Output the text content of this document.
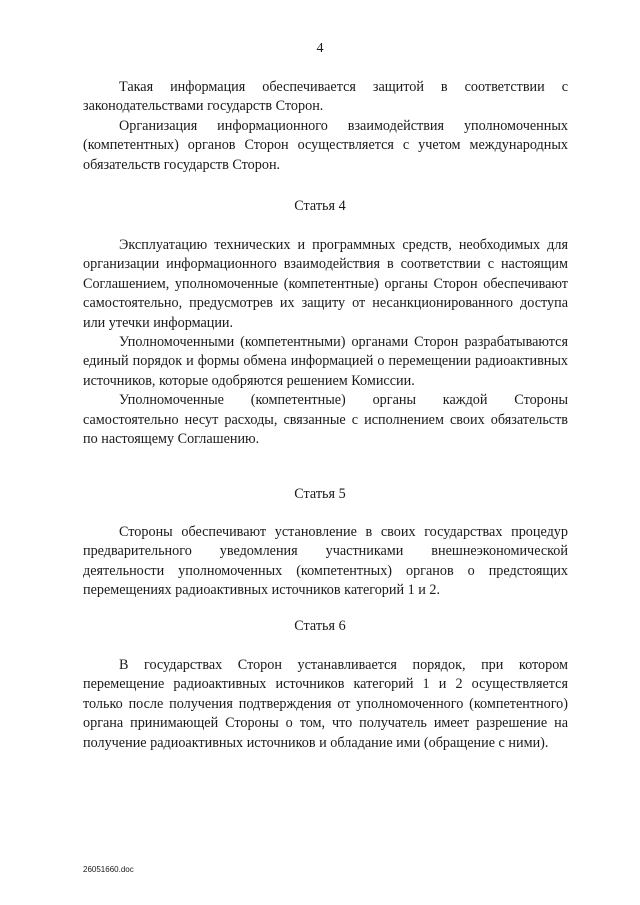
4

Такая информация обеспечивается защитой в соответствии с законодательствами государств Сторон.

Организация информационного взаимодействия уполномоченных (компетентных) органов Сторон осуществляется с учетом международных обязательств государств Сторон.

Статья 4

Эксплуатацию технических и программных средств, необходимых для организации информационного взаимодействия в соответствии с настоящим Соглашением, уполномоченные (компетентные) органы Сторон обеспечивают самостоятельно, предусмотрев их защиту от несанкционированного доступа или утечки информации.

Уполномоченными (компетентными) органами Сторон разрабатываются единый порядок и формы обмена информацией о перемещении радиоактивных источников, которые одобряются решением Комиссии.

Уполномоченные (компетентные) органы каждой Стороны самостоятельно несут расходы, связанные с исполнением своих обязательств по настоящему Соглашению.

Статья 5

Стороны обеспечивают установление в своих государствах процедур предварительного уведомления участниками внешнеэкономической деятельности уполномоченных (компетентных) органов о предстоящих перемещениях радиоактивных источников категорий 1 и 2.

Статья 6

В государствах Сторон устанавливается порядок, при котором перемещение радиоактивных источников категорий 1 и 2 осуществляется только после получения подтверждения от уполномоченного (компетентного) органа принимающей Стороны о том, что получатель имеет разрешение на получение радиоактивных источников и обладание ими (обращение с ними).

26051660.doc
